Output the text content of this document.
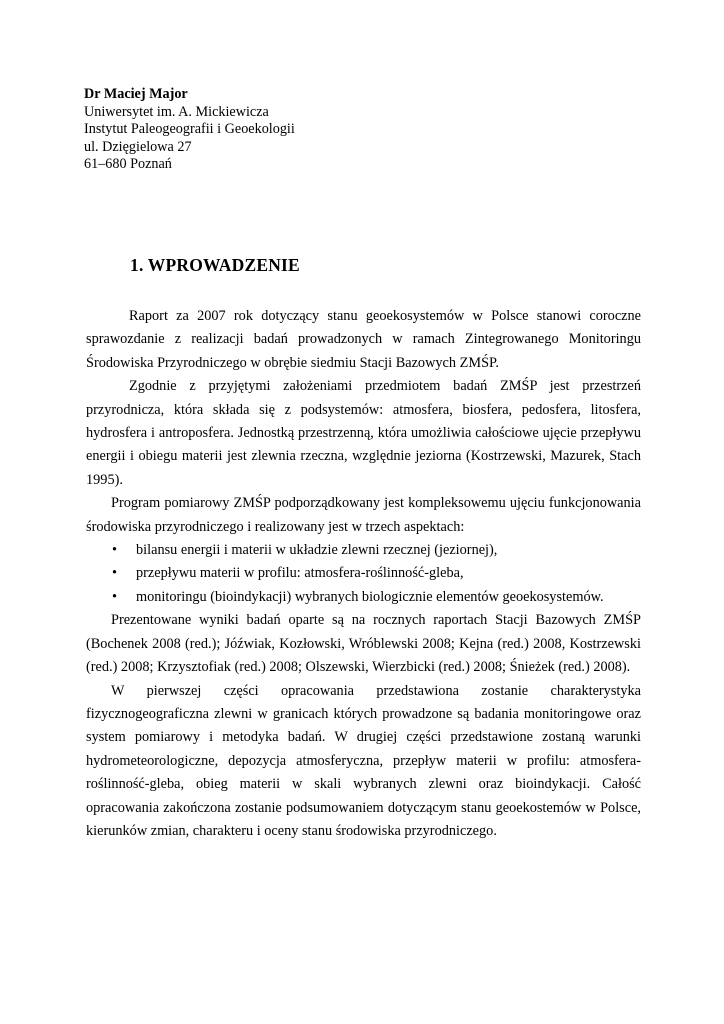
Dr Maciej Major
Uniwersytet im. A. Mickiewicza
Instytut Paleogeografii i Geoekologii
ul. Dzięgielowa 27
61–680 Poznań
1. WPROWADZENIE

Raport za 2007 rok dotyczący stanu geoekosystemów w Polsce stanowi coroczne sprawozdanie z realizacji badań prowadzonych w ramach Zintegrowanego Monitoringu Środowiska Przyrodniczego w obrębie siedmiu Stacji Bazowych ZMŚP.

Zgodnie z przyjętymi założeniami przedmiotem badań ZMŚP jest przestrzeń przyrodnicza, która składa się z podsystemów: atmosfera, biosfera, pedosfera, litosfera, hydrosfera i antroposfera. Jednostką przestrzenną, która umożliwia całościowe ujęcie przepływu energii i obiegu materii jest zlewnia rzeczna, względnie jeziorna (Kostrzewski, Mazurek, Stach 1995).

Program pomiarowy ZMŚP podporządkowany jest kompleksowemu ujęciu funkcjonowania środowiska przyrodniczego i realizowany jest w trzech aspektach:

•	bilansu energii i materii w układzie zlewni rzecznej (jeziornej),
•	przepływu materii w profilu: atmosfera-roślinność-gleba,
•	monitoringu (bioindykacji) wybranych biologicznie elementów geoekosystemów.

Prezentowane wyniki badań oparte są na rocznych raportach Stacji Bazowych ZMŚP (Bochenek 2008 (red.); Jóźwiak, Kozłowski, Wróblewski 2008; Kejna (red.) 2008, Kostrzewski (red.) 2008; Krzysztofiak (red.) 2008; Olszewski, Wierzbicki (red.) 2008; Śnieżek (red.) 2008).

W pierwszej części opracowania przedstawiona zostanie charakterystyka fizycznogeograficzna zlewni w granicach których prowadzone są badania monitoringowe oraz system pomiarowy i metodyka badań. W drugiej części przedstawione zostaną warunki hydrometeorologiczne, depozycja atmosferyczna, przepływ materii w profilu: atmosfera-roślinność-gleba, obieg materii w skali wybranych zlewni oraz bioindykacji. Całość opracowania zakończona zostanie podsumowaniem dotyczącym stanu geoekostemów w Polsce, kierunków zmian, charakteru i oceny stanu środowiska przyrodniczego.
